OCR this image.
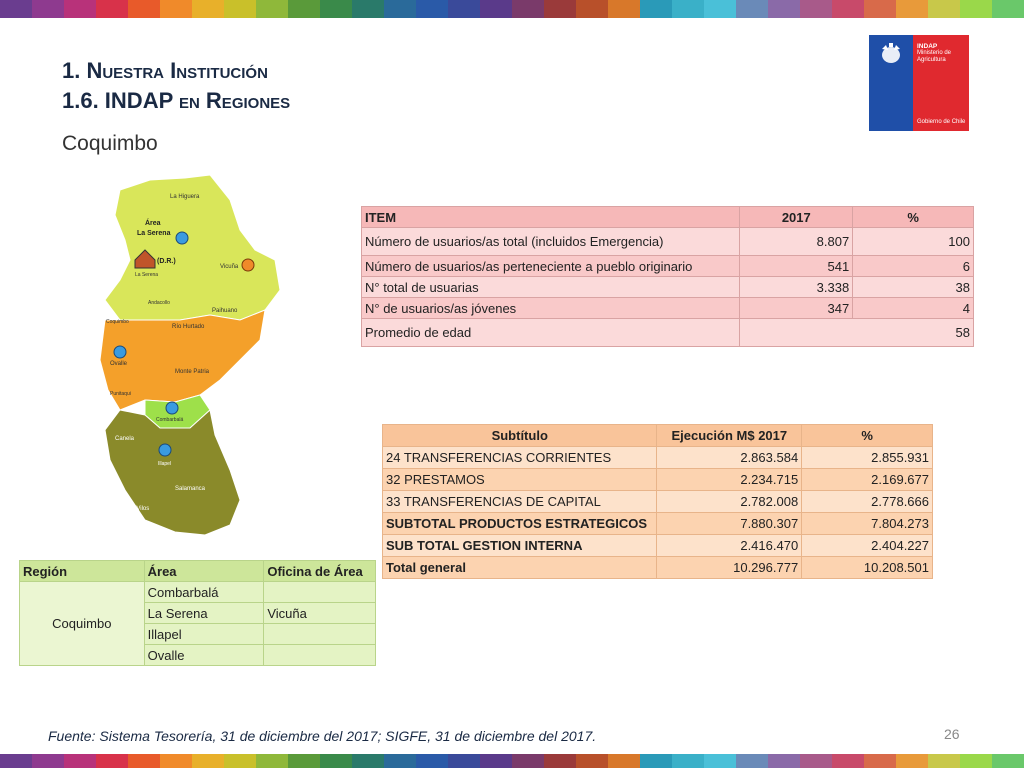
1. Nuestra Institución
1.6. INDAP en Regiones
Coquimbo
INDAP
Ministerio de
Agricultura
Gobierno de Chile
La Higuera
Área
La Serena
(D.R.)
La Serena
Vicuña
Andacollo
Paihuano
Coquimbo
Río Hurtado
Ovalle
Monte Patria
Punitaqui
Combarbalá
Canela
Illapel
Salamanca
Los Vilos
ITEM	2017	%
Número de usuarios/as total (incluidos Emergencia)	8.807	100
Número de usuarios/as perteneciente a pueblo originario	541	6
N° total de usuarias	3.338	38
N° de usuarios/as jóvenes	347	4
Promedio de edad	58	
Subtítulo	Ejecución M$ 2017	%
24 TRANSFERENCIAS CORRIENTES	2.863.584	2.855.931
32 PRESTAMOS	2.234.715	2.169.677
33 TRANSFERENCIAS DE CAPITAL	2.782.008	2.778.666
SUBTOTAL PRODUCTOS ESTRATEGICOS	7.880.307	7.804.273
SUB TOTAL GESTION INTERNA	2.416.470	2.404.227
Total general	10.296.777	10.208.501
Región	Área	Oficina de Área
Coquimbo	Combarbalá	
	La Serena	Vicuña
	Illapel	
	Ovalle	
Fuente: Sistema Tesorería, 31 de diciembre del 2017; SIGFE, 31 de diciembre del 2017.	26
